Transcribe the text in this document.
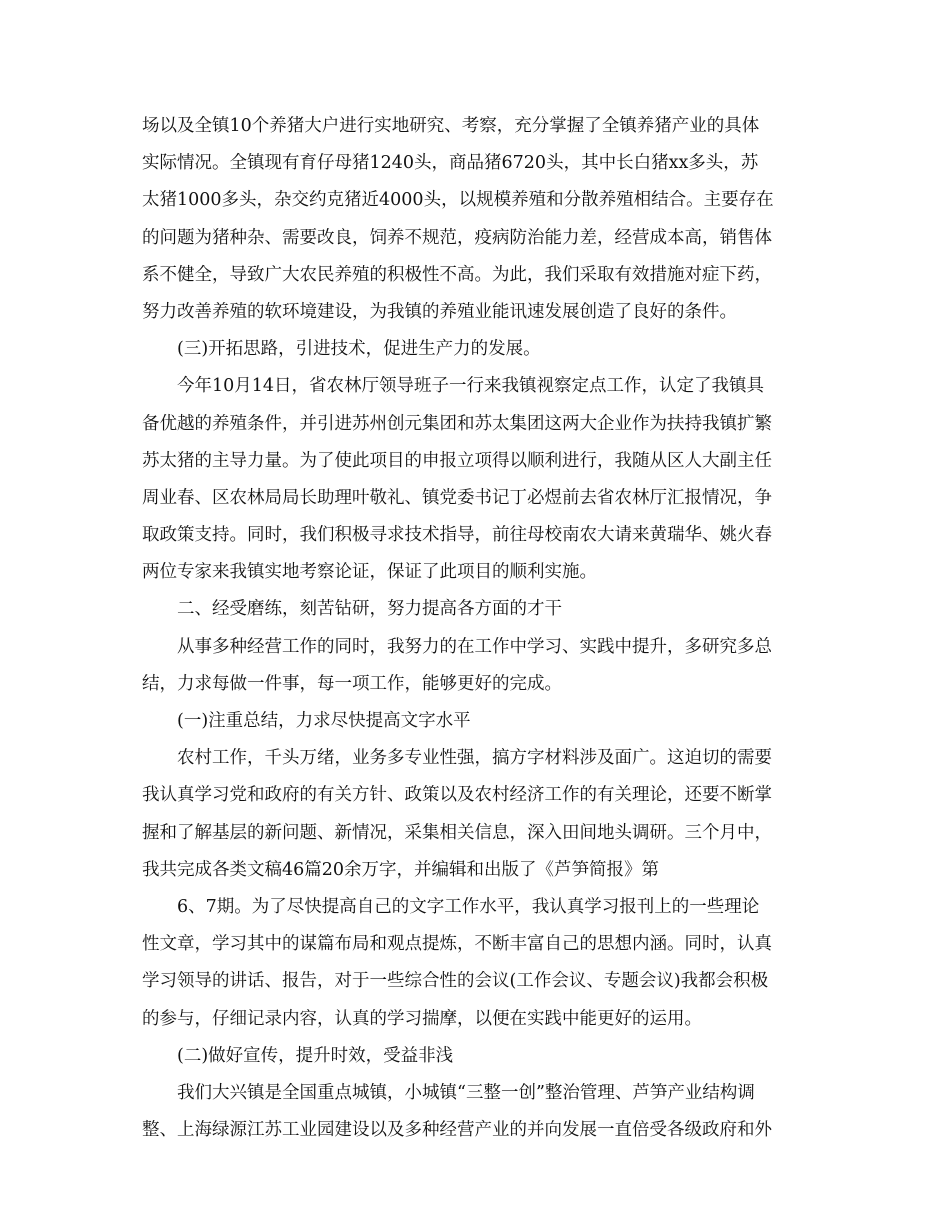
场以及全镇10个养猪大户进行实地研究、考察，充分掌握了全镇养猪产业的具体
实际情况。全镇现有育仔母猪1240头，商品猪6720头，其中长白猪xx多头，苏
太猪1000多头，杂交约克猪近4000头，以规模养殖和分散养殖相结合。主要存在
的问题为猪种杂、需要改良，饲养不规范，疫病防治能力差，经营成本高，销售体
系不健全，导致广大农民养殖的积极性不高。为此，我们采取有效措施对症下药，
努力改善养殖的软环境建设，为我镇的养殖业能讯速发展创造了良好的条件。
(三)开拓思路，引进技术，促进生产力的发展。
今年10月14日，省农林厅领导班子一行来我镇视察定点工作，认定了我镇具
备优越的养殖条件，并引进苏州创元集团和苏太集团这两大企业作为扶持我镇扩繁
苏太猪的主导力量。为了使此项目的申报立项得以顺利进行，我随从区人大副主任
周业春、区农林局局长助理叶敬礼、镇党委书记丁必煜前去省农林厅汇报情况，争
取政策支持。同时，我们积极寻求技术指导，前往母校南农大请来黄瑞华、姚火春
两位专家来我镇实地考察论证，保证了此项目的顺利实施。
二、经受磨练，刻苦钻研，努力提高各方面的才干
从事多种经营工作的同时，我努力的在工作中学习、实践中提升，多研究多总
结，力求每做一件事，每一项工作，能够更好的完成。
(一)注重总结，力求尽快提高文字水平
农村工作，千头万绪，业务多专业性强，搞方字材料涉及面广。这迫切的需要
我认真学习党和政府的有关方针、政策以及农村经济工作的有关理论，还要不断掌
握和了解基层的新问题、新情况，采集相关信息，深入田间地头调研。三个月中，
我共完成各类文稿46篇20余万字，并编辑和出版了《芦笋简报》第
6、7期。为了尽快提高自己的文字工作水平，我认真学习报刊上的一些理论
性文章，学习其中的谋篇布局和观点提炼，不断丰富自己的思想内涵。同时，认真
学习领导的讲话、报告，对于一些综合性的会议(工作会议、专题会议)我都会积极
的参与，仔细记录内容，认真的学习揣摩，以便在实践中能更好的运用。
(二)做好宣传，提升时效，受益非浅
我们大兴镇是全国重点城镇，小城镇“三整一创”整治管理、芦笋产业结构调
整、上海绿源江苏工业园建设以及多种经营产业的并向发展一直倍受各级政府和外
